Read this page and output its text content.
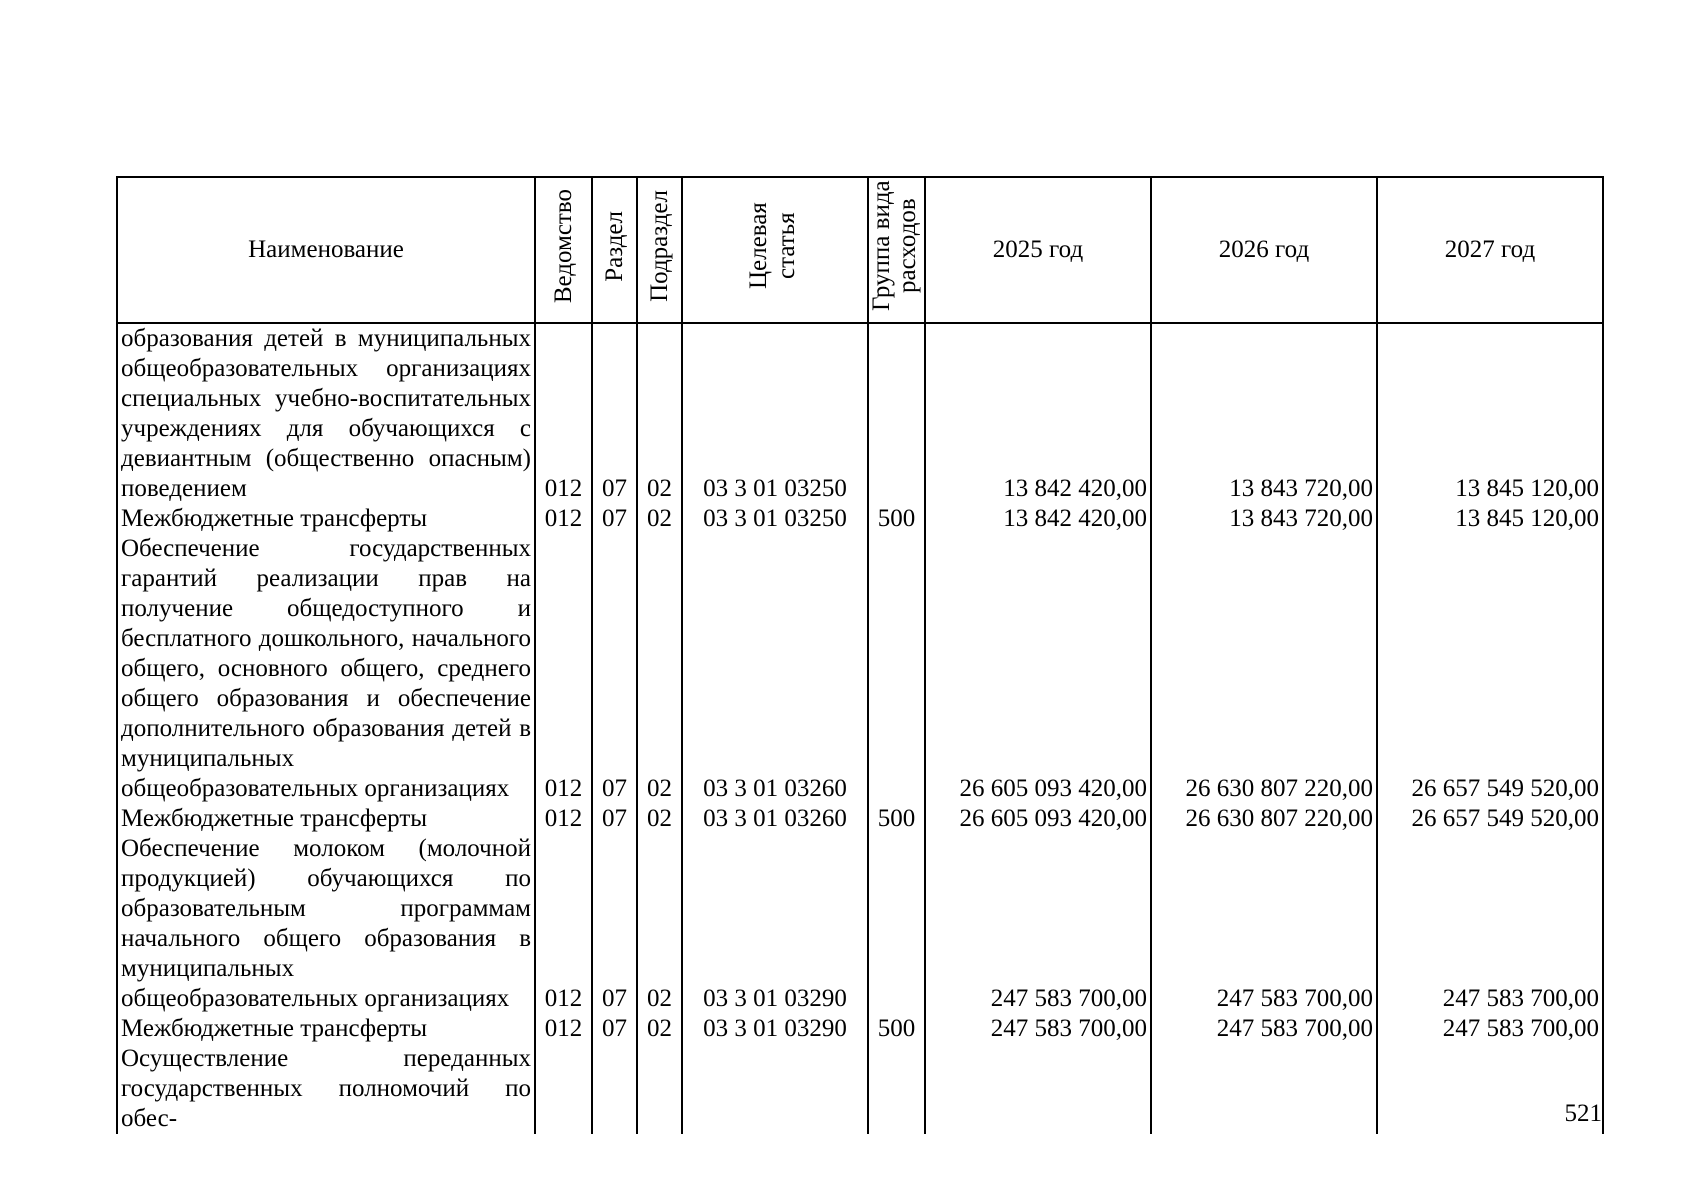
Наименование	Ведомство	Раздел	Подраздел	Целевая статья	Группа вида расходов	2025 год	2026 год	2027 год
образования детей в муниципальных общеобразовательных организациях специальных учебно-воспитательных учреждениях для обучающихся с девиантным (общественно опасным) поведением	012	07	02	03 3 01 03250		13 842 420,00	13 843 720,00	13 845 120,00
Межбюджетные трансферты	012	07	02	03 3 01 03250	500	13 842 420,00	13 843 720,00	13 845 120,00
Обеспечение государственных гарантий реализации прав на получение общедоступного и бесплатного дошкольного, начального общего, основного общего, среднего общего образования и обеспечение дополнительного образования детей в муниципальных общеобразовательных организациях	012	07	02	03 3 01 03260		26 605 093 420,00	26 630 807 220,00	26 657 549 520,00
Межбюджетные трансферты	012	07	02	03 3 01 03260	500	26 605 093 420,00	26 630 807 220,00	26 657 549 520,00
Обеспечение молоком (молочной продукцией) обучающихся по образовательным программам начального общего образования в муниципальных общеобразовательных организациях	012	07	02	03 3 01 03290		247 583 700,00	247 583 700,00	247 583 700,00
Межбюджетные трансферты	012	07	02	03 3 01 03290	500	247 583 700,00	247 583 700,00	247 583 700,00
Осуществление переданных государственных полномочий по обес-									521
